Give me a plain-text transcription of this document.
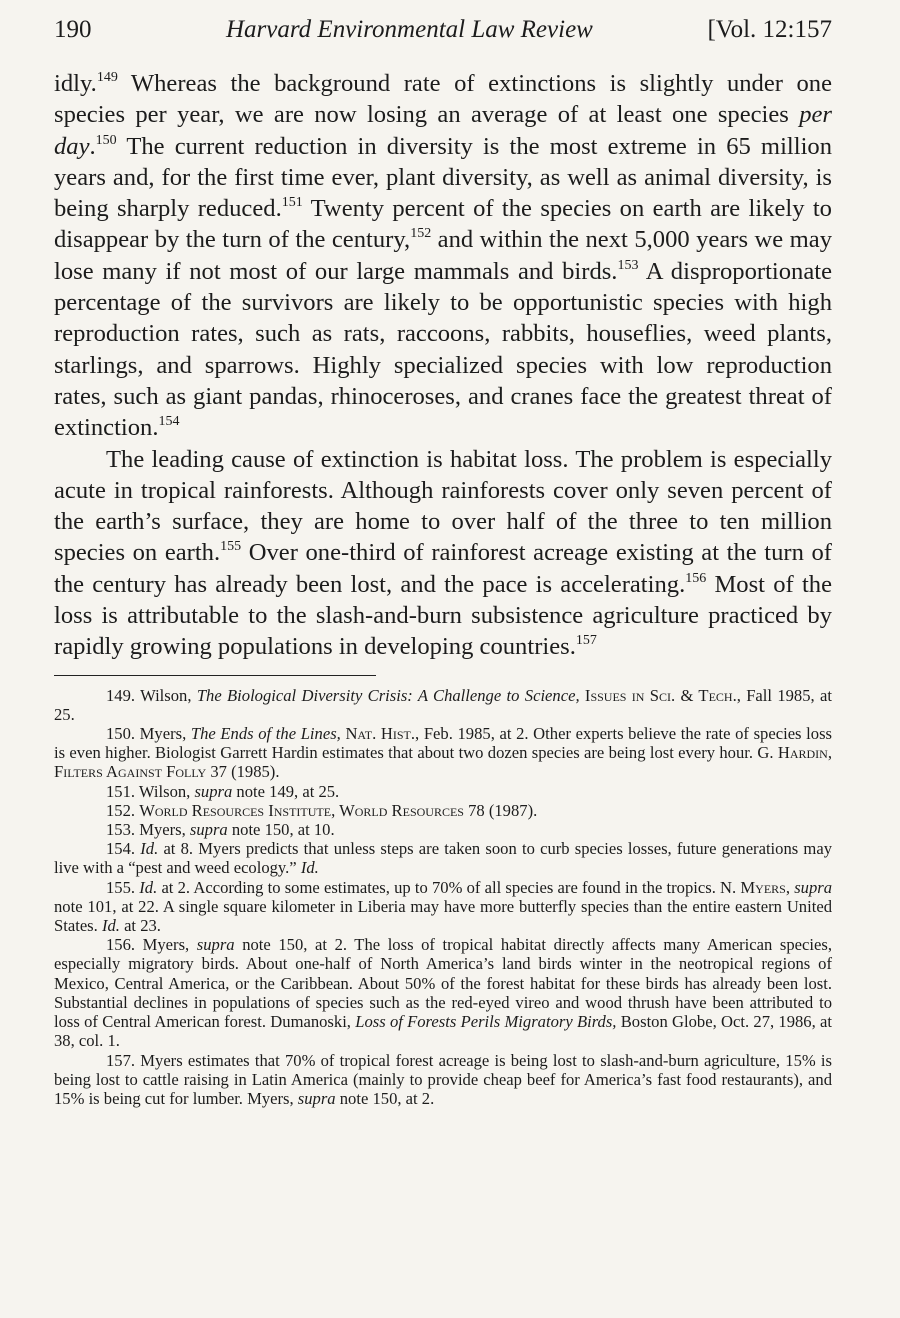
190	Harvard Environmental Law Review	[Vol. 12:157

idly.$^{149}$ Whereas the background rate of extinctions is slightly under one species per year, we are now losing an average of at least one species per day.$^{150}$ The current reduction in diversity is the most extreme in 65 million years and, for the first time ever, plant diversity, as well as animal diversity, is being sharply reduced.$^{151}$ Twenty percent of the species on earth are likely to disappear by the turn of the century,$^{152}$ and within the next 5,000 years we may lose many if not most of our large mammals and birds.$^{153}$ A disproportionate percentage of the survivors are likely to be opportunistic species with high reproduction rates, such as rats, raccoons, rabbits, houseflies, weed plants, starlings, and sparrows. Highly specialized species with low reproduction rates, such as giant pandas, rhinoceroses, and cranes face the greatest threat of extinction.$^{154}$

The leading cause of extinction is habitat loss. The problem is especially acute in tropical rainforests. Although rainforests cover only seven percent of the earth’s surface, they are home to over half of the three to ten million species on earth.$^{155}$ Over one-third of rainforest acreage existing at the turn of the century has already been lost, and the pace is accelerating.$^{156}$ Most of the loss is attributable to the slash-and-burn subsistence agriculture practiced by rapidly growing populations in developing countries.$^{157}$

149. Wilson, The Biological Diversity Crisis: A Challenge to Science, Issues in Sci. & Tech., Fall 1985, at 25.

150. Myers, The Ends of the Lines, Nat. Hist., Feb. 1985, at 2. Other experts believe the rate of species loss is even higher. Biologist Garrett Hardin estimates that about two dozen species are being lost every hour. G. Hardin, Filters Against Folly 37 (1985).

151. Wilson, supra note 149, at 25.

152. World Resources Institute, World Resources 78 (1987).

153. Myers, supra note 150, at 10.

154. Id. at 8. Myers predicts that unless steps are taken soon to curb species losses, future generations may live with a “pest and weed ecology.” Id.

155. Id. at 2. According to some estimates, up to 70% of all species are found in the tropics. N. Myers, supra note 101, at 22. A single square kilometer in Liberia may have more butterfly species than the entire eastern United States. Id. at 23.

156. Myers, supra note 150, at 2. The loss of tropical habitat directly affects many American species, especially migratory birds. About one-half of North America’s land birds winter in the neotropical regions of Mexico, Central America, or the Caribbean. About 50% of the forest habitat for these birds has already been lost. Substantial declines in populations of species such as the red-eyed vireo and wood thrush have been attributed to loss of Central American forest. Dumanoski, Loss of Forests Perils Migratory Birds, Boston Globe, Oct. 27, 1986, at 38, col. 1.

157. Myers estimates that 70% of tropical forest acreage is being lost to slash-and-burn agriculture, 15% is being lost to cattle raising in Latin America (mainly to provide cheap beef for America’s fast food restaurants), and 15% is being cut for lumber. Myers, supra note 150, at 2.
